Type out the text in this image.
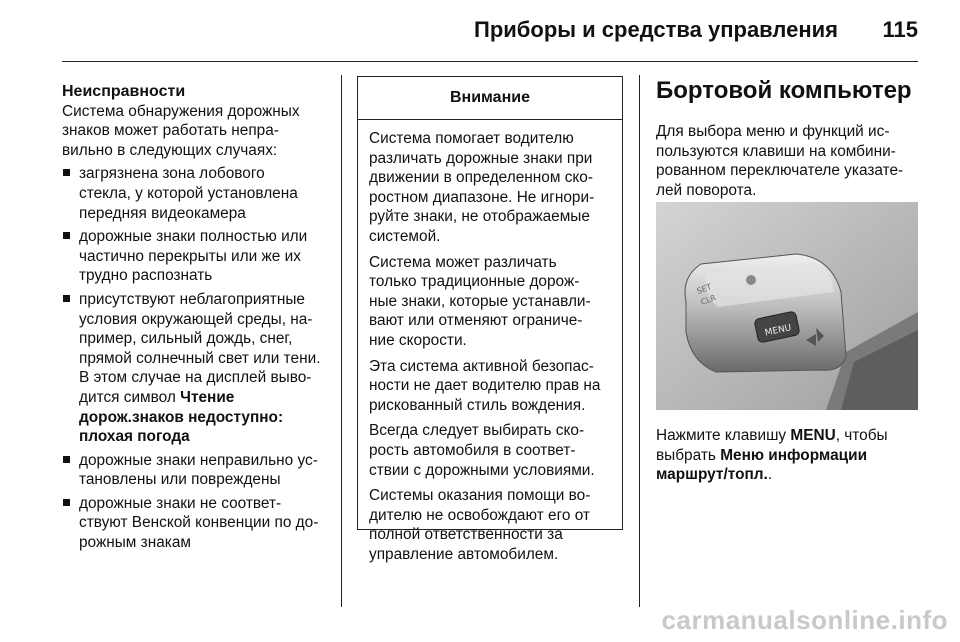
Приборы и средства управления 115
Неисправности

Система обнаружения дорожных
знаков может работать непра-
вильно в следующих случаях:

загрязнена зона лобового
стекла, у которой установлена
передняя видеокамера
дорожные знаки полностью или
частично перекрыты или же их
трудно распознать
присутствуют неблагоприятные
условия окружающей среды, на-
пример, сильный дождь, снег,
прямой солнечный свет или тени.
В этом случае на дисплей выво-
дится символ Чтение
дорож.знаков недоступно:
плохая погода
дорожные знаки неправильно ус-
тановлены или повреждены
дорожные знаки не соответ-
ствуют Венской конвенции по до-
рожным знакам
Внимание

Система помогает водителю
различать дорожные знаки при
движении в определенном ско-
ростном диапазоне. Не игнори-
руйте знаки, не отображаемые
системой.

Система может различать
только традиционные дорож-
ные знаки, которые устанавли-
вают или отменяют ограниче-
ние скорости.

Эта система активной безопас-
ности не дает водителю прав на
рискованный стиль вождения.

Всегда следует выбирать ско-
рость автомобиля в соответ-
ствии с дорожными условиями.

Системы оказания помощи во-
дителю не освобождают его от
полной ответственности за
управление автомобилем.

Бортовой компьютер

Для выбора меню и функций ис-
пользуются клавиши на комбини-
рованном переключателе указате-
лей поворота.

Нажмите клавишу MENU, чтобы
выбрать Меню информации
маршрут/топл..

MENU
SET
CLR
carmanualsonline.info
